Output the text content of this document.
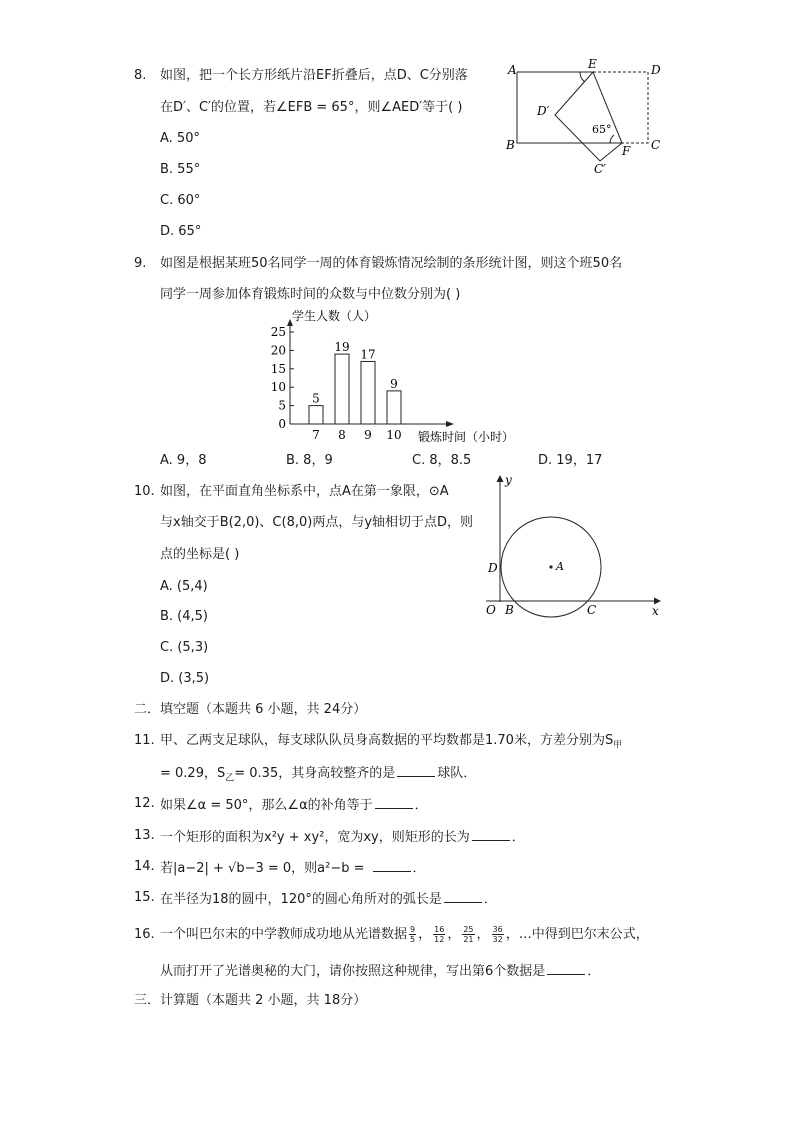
8. 如图，把一个长方形纸片沿EF折叠后，点D、C分别落
在D′、C′的位置，若∠EFB = 65°，则∠AED′等于( )
A. 50°
B. 55°
C. 60°
D. 65°
A	E	D
D′
B	F C
C′
65°
9. 如图是根据某班50名同学一周的体育锻炼情况绘制的条形统计图，则这个班50名
同学一周参加体育锻炼时间的众数与中位数分别为( )
学生人数（人）
锻炼时间（小时）
0
5
10
15
20
25
5
7
19
8
17
9
9
10
A. 9，8	B. 8，9	C. 8，8.5	D. 19，17
10. 如图，在平面直角坐标系中，点A在第一象限，⊙A
与x轴交于B(2,0)、C(8,0)两点，与y轴相切于点D，则
点的坐标是( )
A. (5,4)
B. (4,5)
C. (5,3)
D. (3,5)
y
x
O B	C
D	A
二．填空题（本题共 6 小题，共 24分）
11. 甲、乙两支足球队，每支球队队员身高数据的平均数都是1.70米，方差分别为$S_甲$
= 0.29，$S_乙= 0.35$，其身高较整齐的是	球队．
12. 如果∠α = 50°，那么∠α的补角等于	．
13. 一个矩形的面积为x²y + xy²，宽为xy，则矩形的长为	．
14. 若|a−2| + √b−3 = 0，则a²−b =	．
15. 在半径为18的圆中，120°的圆心角所对的弧长是	．
16. 一个叫巴尔末的中学教师成功地从光谱数据 $\frac{9}{5}$ ， $\frac{16}{12}$ ， $\frac{25}{21}$ ， $\frac{36}{32}$ ，…中得到巴尔末公式，
从而打开了光谱奥秘的大门，请你按照这种规律，写出第6个数据是	．
三．计算题（本题共 2 小题，共 18分）
